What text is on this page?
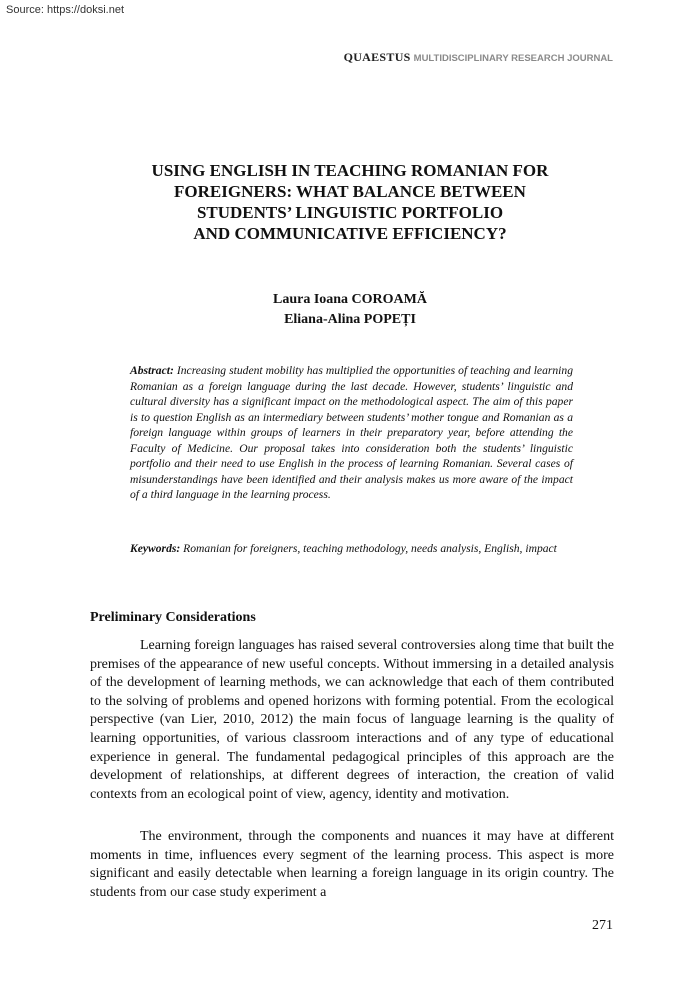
Source: https://doksi.net
QUAESTUS MULTIDISCIPLINARY RESEARCH JOURNAL
USING ENGLISH IN TEACHING ROMANIAN FOR
FOREIGNERS: WHAT BALANCE BETWEEN
STUDENTS’ LINGUISTIC PORTFOLIO
AND COMMUNICATIVE EFFICIENCY?
Laura Ioana COROAMĂ
Eliana-Alina POPEȚI

Abstract: Increasing student mobility has multiplied the opportunities of teaching and learning Romanian as a foreign language during the last decade. However, students’ linguistic and cultural diversity has a significant impact on the methodological aspect. The aim of this paper is to question English as an intermediary between students’ mother tongue and Romanian as a foreign language within groups of learners in their preparatory year, before attending the Faculty of Medicine. Our proposal takes into consideration both the students’ linguistic portfolio and their need to use English in the process of learning Romanian. Several cases of misunderstandings have been identified and their analysis makes us more aware of the impact of a third language in the learning process.

Keywords: Romanian for foreigners, teaching methodology, needs analysis, English, impact

Preliminary Considerations

Learning foreign languages has raised several controversies along time that built the premises of the appearance of new useful concepts. Without immersing in a detailed analysis of the development of learning methods, we can acknowledge that each of them contributed to the solving of problems and opened horizons with forming potential. From the ecological perspective (van Lier, 2010, 2012) the main focus of language learning is the quality of learning opportunities, of various classroom interactions and of any type of educational experience in general. The fundamental pedagogical principles of this approach are the development of relationships, at different degrees of interaction, the creation of valid contexts from an ecological point of view, agency, identity and motivation.

The environment, through the components and nuances it may have at different moments in time, influences every segment of the learning process. This aspect is more significant and easily detectable when learning a foreign language in its origin country. The students from our case study experiment a

271
